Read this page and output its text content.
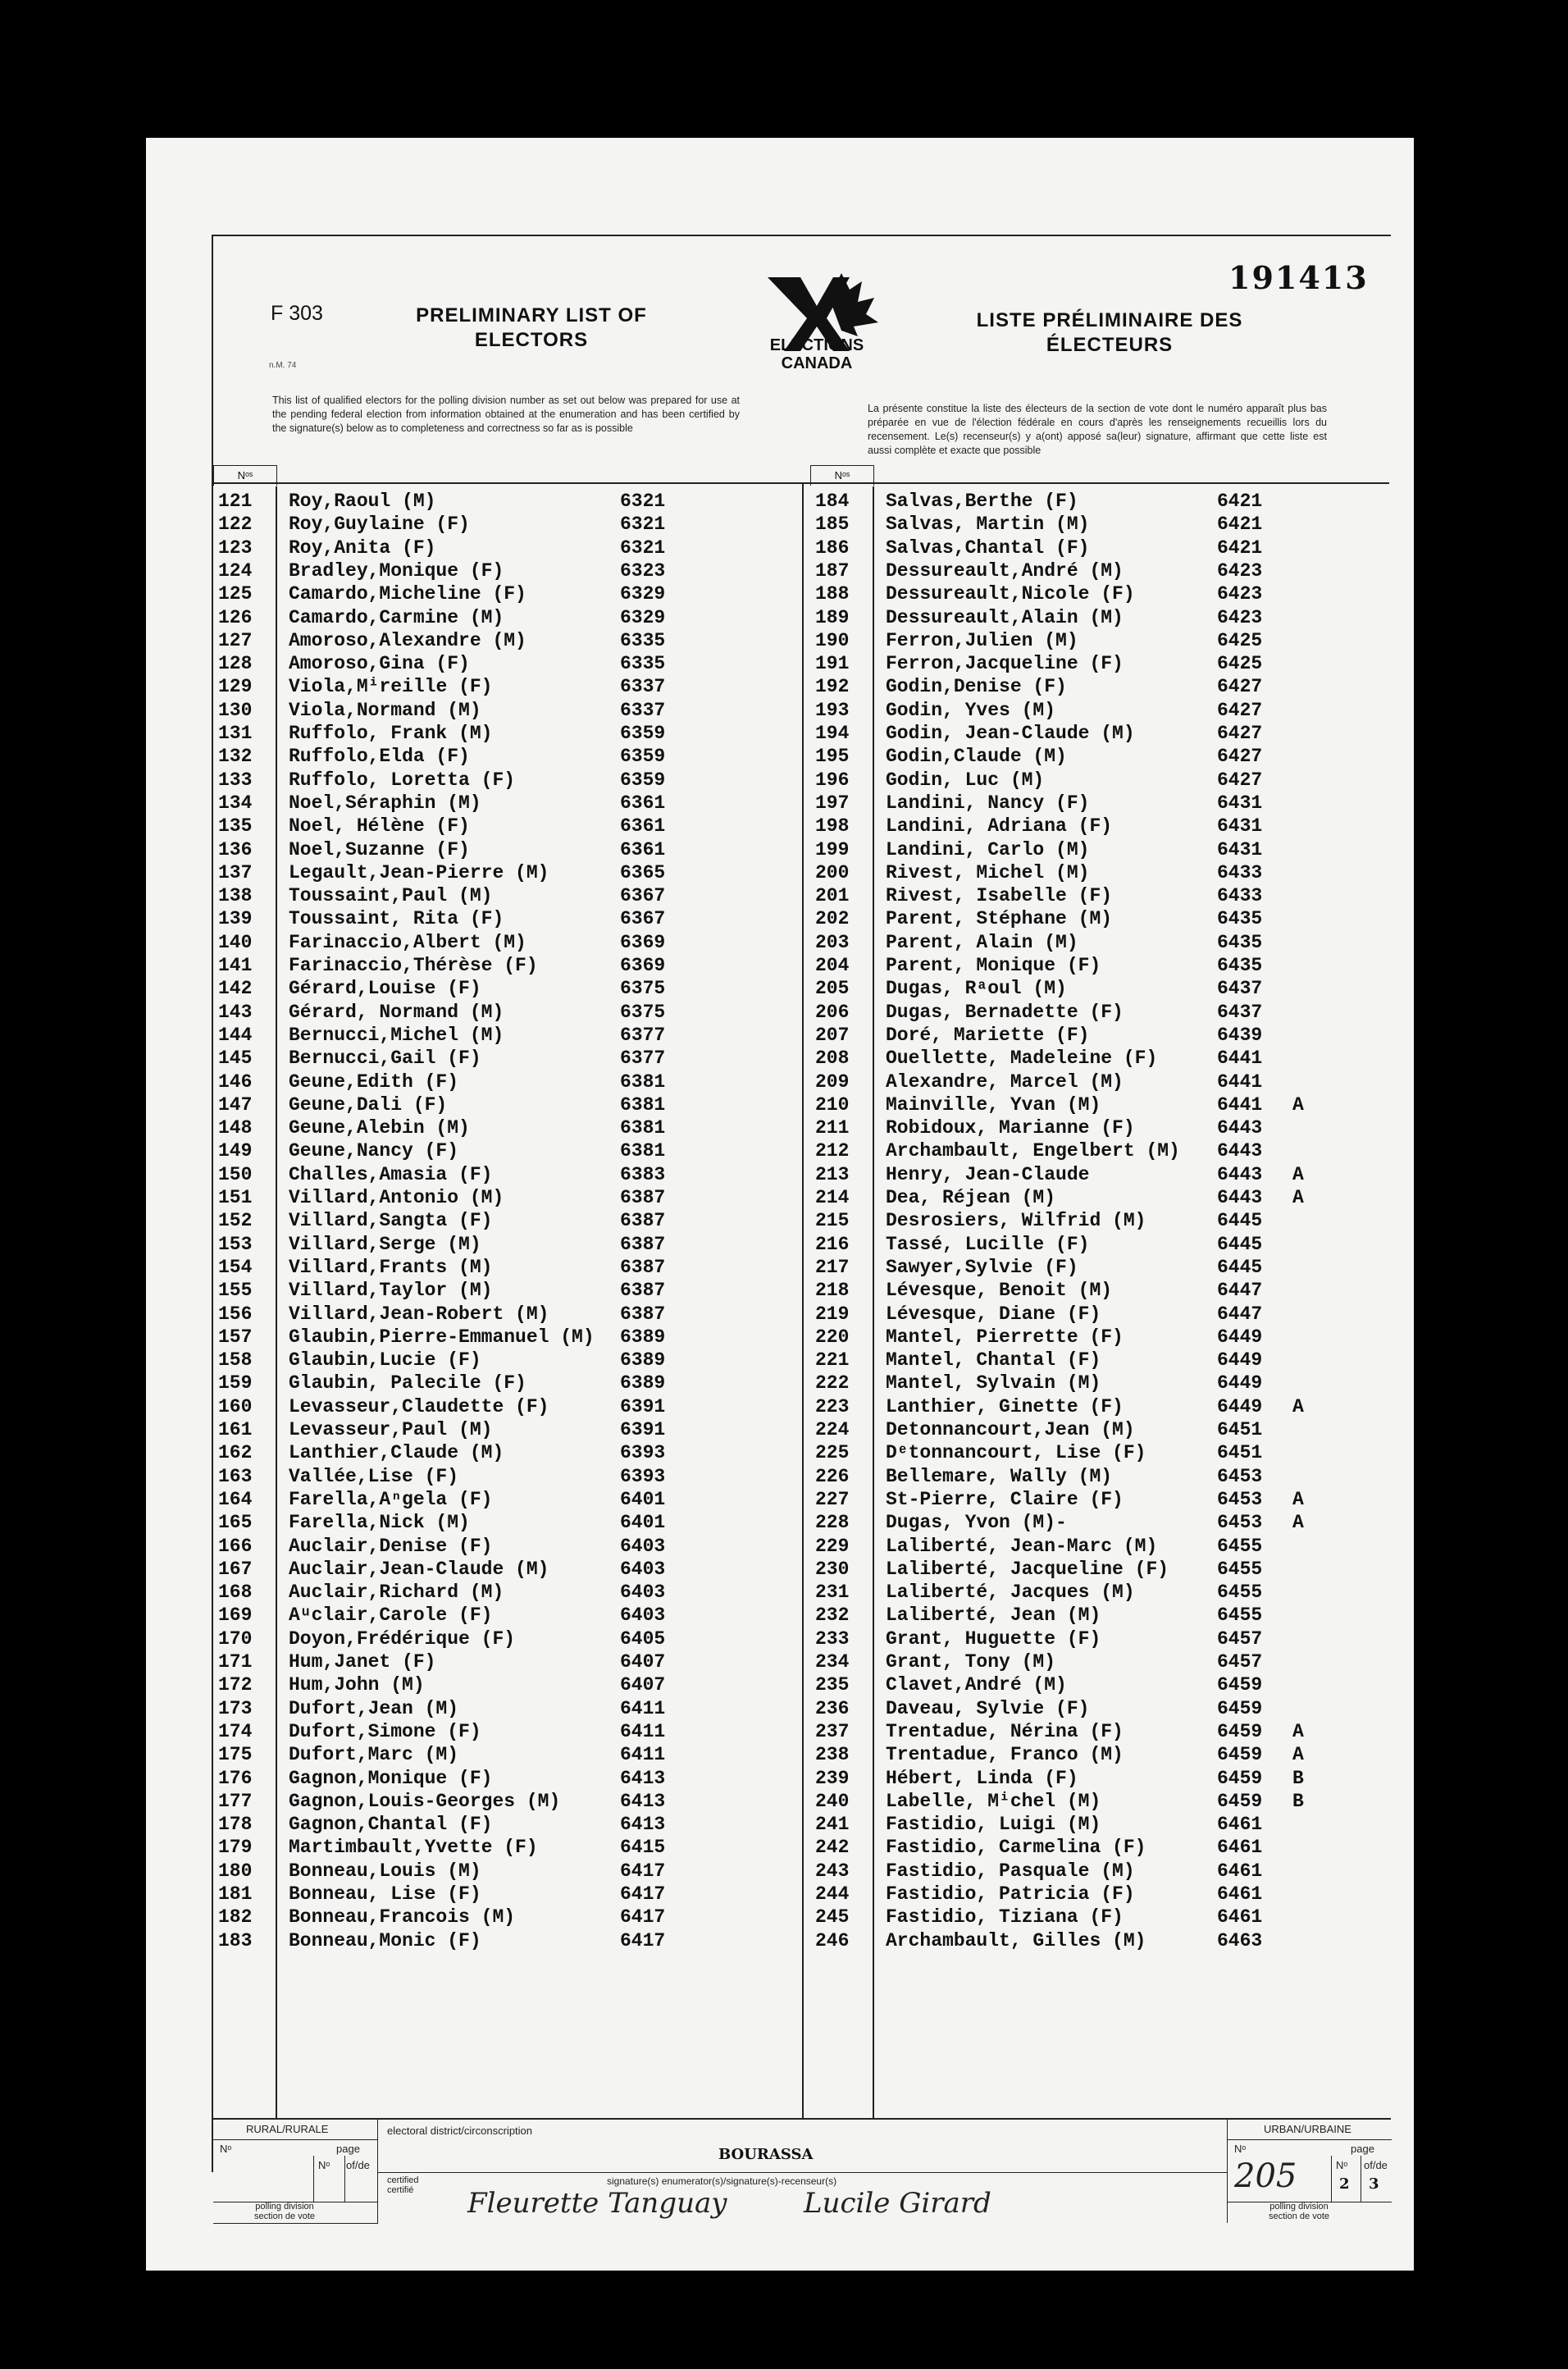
F 303
n.M. 74
PRELIMINARY LIST OF
ELECTORS	ELECTIONS
CANADA
191413
LISTE PRÉLIMINAIRE DES
ÉLECTEURS
This list of qualified electors for the polling division number as set out below was prepared for use at the pending federal election from information obtained at the enumeration and has been certified by the signature(s) below as to completeness and correctness so far as is possible
La présente constitue la liste des électeurs de la section de vote dont le numéro apparaît plus bas préparée en vue de l'élection fédérale en cours d'après les renseignements recueillis lors du recensement. Le(s) recenseur(s) y a(ont) apposé sa(leur) signature, affirmant que cette liste est aussi complète et exacte que possible
Nᵒˢ
121	Roy,Raoul (M)	6321
122	Roy,Guylaine (F)	6321
123	Roy,Anita (F)	6321
124	Bradley,Monique (F)	6323
125	Camardo,Micheline (F)	6329
126	Camardo,Carmine (M)	6329
127	Amoroso,Alexandre (M)	6335
128	Amoroso,Gina (F)	6335
129	Viola,Mⁱreille (F)	6337
130	Viola,Normand (M)	6337
131	Ruffolo, Frank (M)	6359
132	Ruffolo,Elda (F)	6359
133	Ruffolo, Loretta (F)	6359
134	Noel,Séraphin (M)	6361
135	Noel, Hélène (F)	6361
136	Noel,Suzanne (F)	6361
137	Legault,Jean-Pierre (M)	6365
138	Toussaint,Paul (M)	6367
139	Toussaint, Rita (F)	6367
140	Farinaccio,Albert (M)	6369
141	Farinaccio,Thérèse (F)	6369
142	Gérard,Louise (F)	6375
143	Gérard, Normand (M)	6375
144	Bernucci,Michel (M)	6377
145	Bernucci,Gail (F)	6377
146	Geune,Edith (F)	6381
147	Geune,Dali (F)	6381
148	Geune,Alebin (M)	6381
149	Geune,Nancy (F)	6381
150	Challes,Amasia (F)	6383
151	Villard,Antonio (M)	6387
152	Villard,Sangta (F)	6387
153	Villard,Serge (M)	6387
154	Villard,Frants (M)	6387
155	Villard,Taylor (M)	6387
156	Villard,Jean-Robert (M)	6387
157	Glaubin,Pierre-Emmanuel (M) 6389
158	Glaubin,Lucie (F)	6389
159	Glaubin, Palecile (F)	6389
160	Levasseur,Claudette (F)	6391
161	Levasseur,Paul (M)	6391
162	Lanthier,Claude (M)	6393
163	Vallée,Lise (F)	6393
164	Farella,Aⁿgela (F)	6401
165	Farella,Nick (M)	6401
166	Auclair,Denise (F)	6403
167	Auclair,Jean-Claude (M)	6403
168	Auclair,Richard (M)	6403
169	Aᵘclair,Carole (F)	6403
170	Doyon,Frédérique (F)	6405
171	Hum,Janet (F)	6407
172	Hum,John (M)	6407
173	Dufort,Jean (M)	6411
174	Dufort,Simone (F)	6411
175	Dufort,Marc (M)	6411
176	Gagnon,Monique (F)	6413
177	Gagnon,Louis-Georges (M)	6413
178	Gagnon,Chantal (F)	6413
179	Martimbault,Yvette (F)	6415
180	Bonneau,Louis (M)	6417
181	Bonneau, Lise (F)	6417
182	Bonneau,Francois (M)	6417
183	Bonneau,Monic (F)	6417
Nᵒˢ
184	Salvas,Berthe (F)	6421
185	Salvas, Martin (M)	6421
186	Salvas,Chantal (F)	6421
187	Dessureault,André (M)	6423
188	Dessureault,Nicole (F)	6423
189	Dessureault,Alain (M)	6423
190	Ferron,Julien (M)	6425
191	Ferron,Jacqueline (F)	6425
192	Godin,Denise (F)	6427
193	Godin, Yves (M)	6427
194	Godin, Jean-Claude (M)	6427
195	Godin,Claude (M)	6427
196	Godin, Luc (M)	6427
197	Landini, Nancy (F)	6431
198	Landini, Adriana (F)	6431
199	Landini, Carlo (M)	6431
200	Rivest, Michel (M)	6433
201	Rivest, Isabelle (F)	6433
202	Parent, Stéphane (M)	6435
203	Parent, Alain (M)	6435
204	Parent, Monique (F)	6435
205	Dugas, Rᵃoul (M)	6437
206	Dugas, Bernadette (F)	6437
207	Doré, Mariette (F)	6439
208	Ouellette, Madeleine (F)	6441
209	Alexandre, Marcel (M)	6441
210	Mainville, Yvan (M)	6441 A
211	Robidoux, Marianne (F)	6443
212	Archambault, Engelbert (M) 6443
213	Henry, Jean-Claude	6443 A
214	Dea, Réjean (M)	6443 A
215	Desrosiers, Wilfrid (M)	6445
216	Tassé, Lucille (F)	6445
217	Sawyer,Sylvie (F)	6445
218	Lévesque, Benoit (M)	6447
219	Lévesque, Diane (F)	6447
220	Mantel, Pierrette (F)	6449
221	Mantel, Chantal (F)	6449
222	Mantel, Sylvain (M)	6449
223	Lanthier, Ginette (F)	6449 A
224	Detonnancourt,Jean (M)	6451
225	Dᵉtonnancourt, Lise (F)	6451
226	Bellemare, Wally (M)	6453
227	St-Pierre, Claire (F)	6453 A
228	Dugas, Yvon (M)-	6453 A
229	Laliberté, Jean-Marc (M)	6455
230	Laliberté, Jacqueline (F)	6455
231	Laliberté, Jacques (M)	6455
232	Laliberté, Jean (M)	6455
233	Grant, Huguette (F)	6457
234	Grant, Tony (M)	6457
235	Clavet,André (M)	6459
236	Daveau, Sylvie (F)	6459
237	Trentadue, Nérina (F)	6459 A
238	Trentadue, Franco (M)	6459 A
239	Hébert, Linda (F)	6459 B
240	Labelle, Mⁱchel (M)	6459 B
241	Fastidio, Luigi (M)	6461
242	Fastidio, Carmelina (F)	6461
243	Fastidio, Pasquale (M)	6461
244	Fastidio, Patricia (F)	6461
245	Fastidio, Tiziana (F)	6461
246	Archambault, Gilles (M)	6463
RURAL/RURALE
Nᵒ	page
Nᵒ of/de
polling division
section de vote
electoral district/circonscription
BOURASSA
certified
certifié
signature(s) enumerator(s)/signature(s)-recenseur(s)
Fleurette Tanguay	Lucile Girard
URBAN/URBAINE
Nᵒ	page
205	Nᵒ of/de
2 3
polling division
section de vote
